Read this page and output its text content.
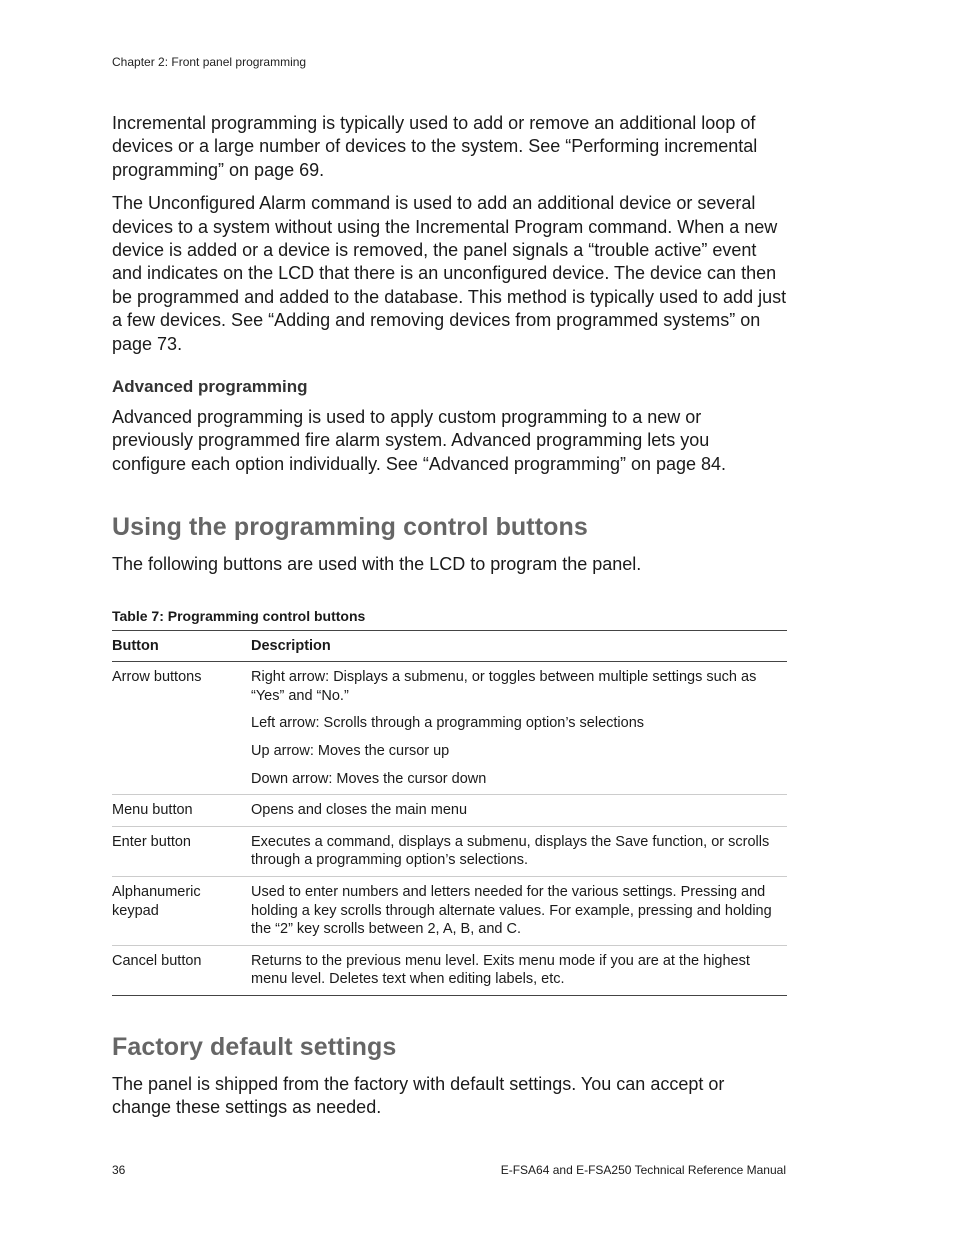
Chapter 2: Front panel programming

Incremental programming is typically used to add or remove an additional loop of devices or a large number of devices to the system. See “Performing incremental programming” on page 69.

The Unconfigured Alarm command is used to add an additional device or several devices to a system without using the Incremental Program command. When a new device is added or a device is removed, the panel signals a “trouble active” event and indicates on the LCD that there is an unconfigured device. The device can then be programmed and added to the database. This method is typically used to add just a few devices. See “Adding and removing devices from programmed systems” on page 73.

Advanced programming

Advanced programming is used to apply custom programming to a new or previously programmed fire alarm system. Advanced programming lets you configure each option individually. See “Advanced programming” on page 84.

Using the programming control buttons

The following buttons are used with the LCD to program the panel.

Table 7: Programming control buttons
Button	Description
Arrow buttons	Right arrow: Displays a submenu, or toggles between multiple settings such as “Yes” and “No.”
Left arrow: Scrolls through a programming option’s selections
Up arrow: Moves the cursor up
Down arrow: Moves the cursor down

Menu button	Opens and closes the main menu

Enter button	Executes a command, displays a submenu, displays the Save function, or scrolls through a programming option’s selections.

Alphanumeric keypad	Used to enter numbers and letters needed for the various settings. Pressing and holding a key scrolls through alternate values. For example, pressing and holding the “2” key scrolls between 2, A, B, and C.

Cancel button	Returns to the previous menu level. Exits menu mode if you are at the highest menu level. Deletes text when editing labels, etc.
Factory default settings

The panel is shipped from the factory with default settings. You can accept or change these settings as needed.

36	E-FSA64 and E-FSA250 Technical Reference Manual
